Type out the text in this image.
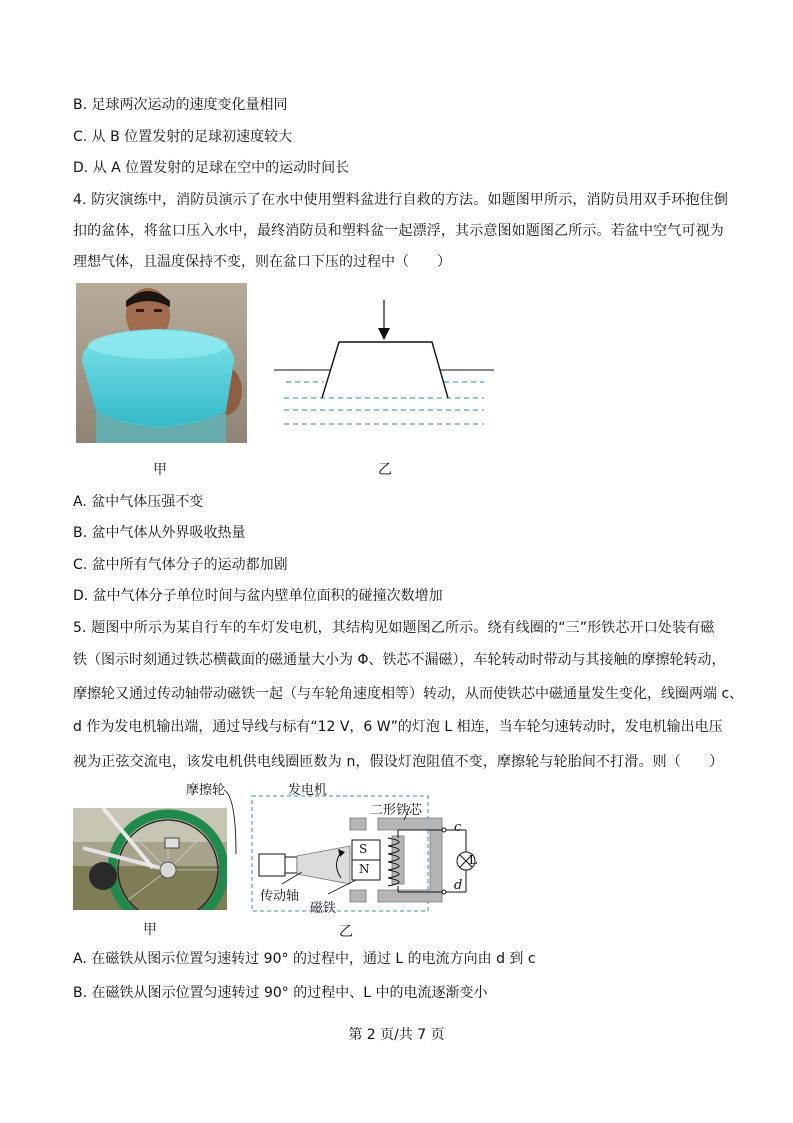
B. 足球两次运动的速度变化量相同
C. 从 B 位置发射的足球初速度较大
D. 从 A 位置发射的足球在空中的运动时间长
4. 防灾演练中，消防员演示了在水中使用塑料盆进行自救的方法。如题图甲所示，消防员用双手环抱住倒
扣的盆体，将盆口压入水中，最终消防员和塑料盆一起漂浮，其示意图如题图乙所示。若盆中空气可视为
理想气体，且温度保持不变，则在盆口下压的过程中（　　）
甲	乙
A. 盆中气体压强不变
B. 盆中气体从外界吸收热量
C. 盆中所有气体分子的运动都加剧
D. 盆中气体分子单位时间与盆内壁单位面积的碰撞次数增加
5. 题图中所示为某自行车的车灯发电机，其结构见如题图乙所示。绕有线圈的“三”形铁芯开口处装有磁
铁（图示时刻通过铁芯横截面的磁通量大小为 Φ、铁芯不漏磁），车轮转动时带动与其接触的摩擦轮转动，
摩擦轮又通过传动轴带动磁铁一起（与车轮角速度相等）转动，从而使铁芯中磁通量发生变化，线圈两端 c、
d 作为发电机输出端，通过导线与标有“12 V，6 W”的灯泡 L 相连，当车轮匀速转动时，发电机输出电压
视为正弦交流电，该发电机供电线圈匝数为 n，假设灯泡阻值不变，摩擦轮与轮胎间不打滑。则（　　）
甲
摩擦轮	发电机
二形铁芯
S
N
传动轴
磁铁
c
d
L
乙
A. 在磁铁从图示位置匀速转过 90° 的过程中，通过 L 的电流方向由 d 到 c
B. 在磁铁从图示位置匀速转过 90° 的过程中、L 中的电流逐渐变小
第 2 页/共 7 页
